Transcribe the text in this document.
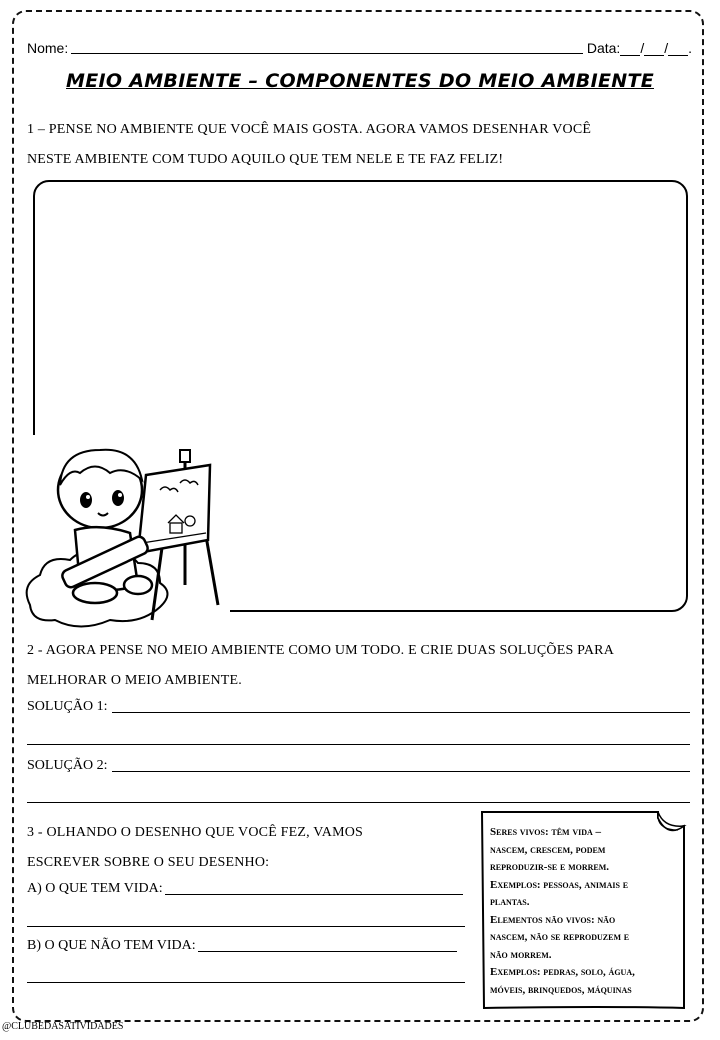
Nome:	Data: / / .
MEIO AMBIENTE – COMPONENTES DO MEIO AMBIENTE
1 – PENSE NO AMBIENTE QUE VOCÊ MAIS GOSTA. AGORA VAMOS DESENHAR VOCÊ
NESTE AMBIENTE COM TUDO AQUILO QUE TEM NELE E TE FAZ FELIZ!
2 - AGORA PENSE NO MEIO AMBIENTE COMO UM TODO. E CRIE DUAS SOLUÇÕES PARA
MELHORAR O MEIO AMBIENTE.
SOLUÇÃO 1:
SOLUÇÃO 2:
3 - OLHANDO O DESENHO QUE VOCÊ FEZ, VAMOS
ESCREVER SOBRE O SEU DESENHO:
A) O QUE TEM VIDA:
B) O QUE NÃO TEM VIDA:
Seres vivos: têm vida –
nascem, crescem, podem
reproduzir-se e morrem.
Exemplos: pessoas, animais e
plantas.
Elementos não vivos: não
nascem, não se reproduzem e
não morrem.
Exemplos: pedras, solo, água,
móveis, brinquedos, máquinas
@CLUBEDASATIVIDADES
